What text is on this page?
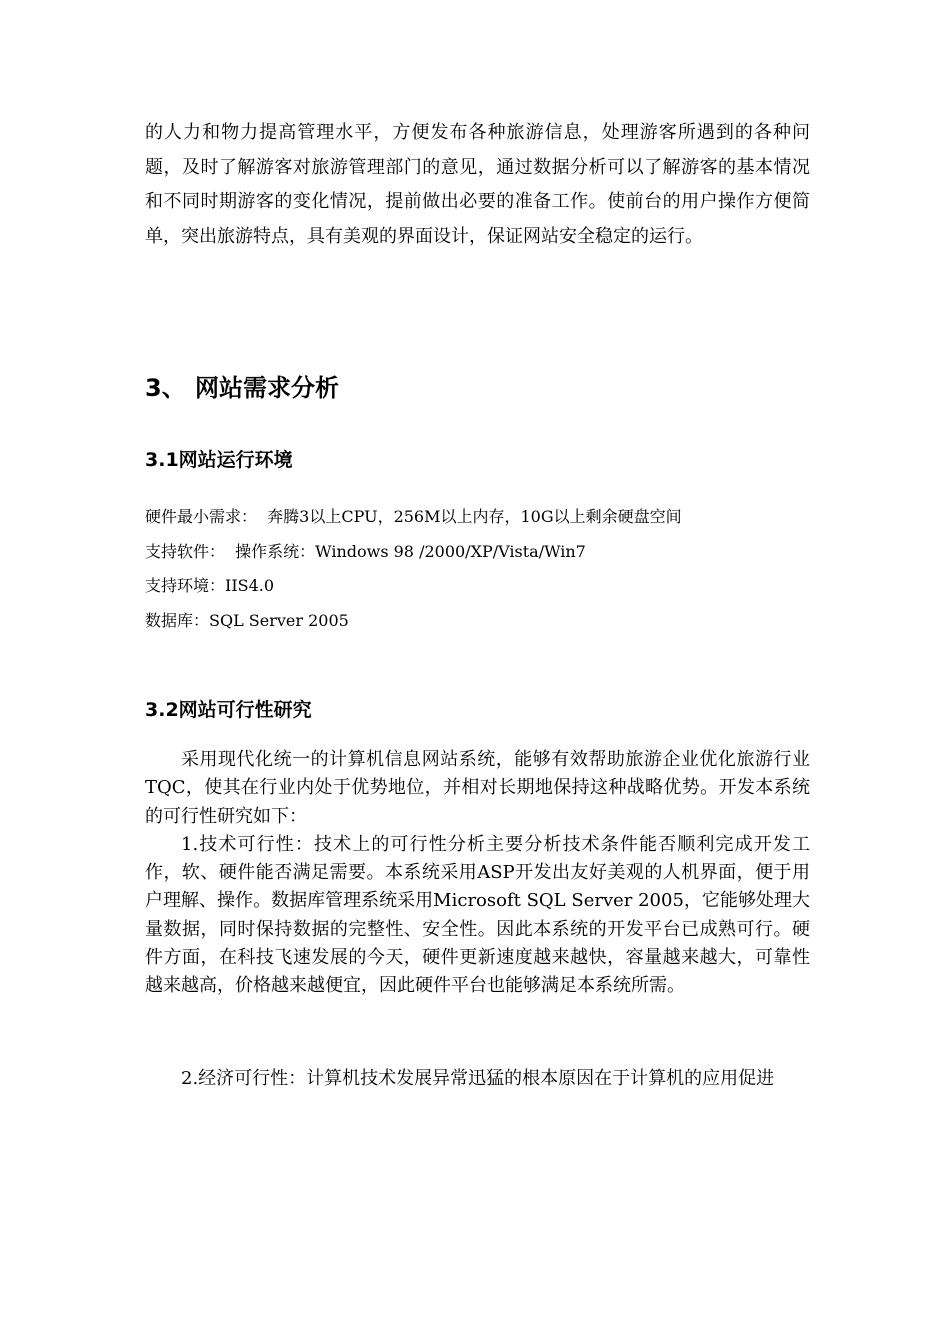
的人力和物力提高管理水平，方便发布各种旅游信息，处理游客所遇到的各种问题，及时了解游客对旅游管理部门的意见，通过数据分析可以了解游客的基本情况和不同时期游客的变化情况，提前做出必要的准备工作。使前台的用户操作方便简单，突出旅游特点，具有美观的界面设计，保证网站安全稳定的运行。

3、 网站需求分析
3.1网站运行环境
硬件最小需求：  奔腾3以上CPU，256M以上内存，10G以上剩余硬盘空间
支持软件：  操作系统：Windows 98 /2000/XP/Vista/Win7
支持环境：IIS4.0
数据库：SQL Server 2005
3.2网站可行性研究

采用现代化统一的计算机信息网站系统，能够有效帮助旅游企业优化旅游行业TQC，使其在行业内处于优势地位，并相对长期地保持这种战略优势。开发本系统的可行性研究如下：

1.技术可行性：技术上的可行性分析主要分析技术条件能否顺利完成开发工作，软、硬件能否满足需要。本系统采用ASP开发出友好美观的人机界面，便于用户理解、操作。数据库管理系统采用Microsoft SQL Server 2005，它能够处理大量数据，同时保持数据的完整性、安全性。因此本系统的开发平台已成熟可行。硬件方面，在科技飞速发展的今天，硬件更新速度越来越快，容量越来越大，可靠性越来越高，价格越来越便宜，因此硬件平台也能够满足本系统所需。

2.经济可行性：计算机技术发展异常迅猛的根本原因在于计算机的应用促进
